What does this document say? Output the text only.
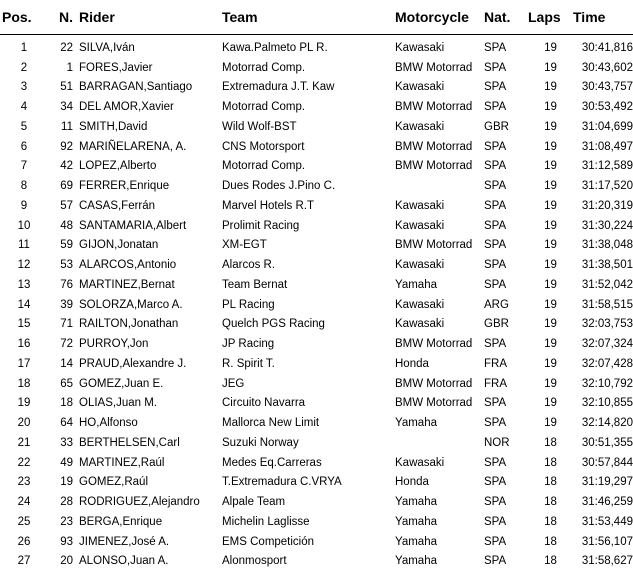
Pos.	N.	Rider	Team	Motorcycle	Nat.	Laps	Time
1	22	SILVA,Iván	Kawa.Palmeto PL R.	Kawasaki	SPA	19	30:41,816
2	1	FORES,Javier	Motorrad Comp.	BMW Motorrad	SPA	19	30:43,602
3	51	BARRAGAN,Santiago	Extremadura J.T. Kaw	Kawasaki	SPA	19	30:43,757
4	34	DEL AMOR,Xavier	Motorrad Comp.	BMW Motorrad	SPA	19	30:53,492
5	11	SMITH,David	Wild Wolf-BST	Kawasaki	GBR	19	31:04,699
6	92	MARIÑELARENA, A.	CNS Motorsport	BMW Motorrad	SPA	19	31:08,497
7	42	LOPEZ,Alberto	Motorrad Comp.	BMW Motorrad	SPA	19	31:12,589
8	69	FERRER,Enrique	Dues Rodes J.Pino C.		SPA	19	31:17,520
9	57	CASAS,Ferrán	Marvel Hotels R.T	Kawasaki	SPA	19	31:20,319
10	48	SANTAMARIA,Albert	Prolimit Racing	Kawasaki	SPA	19	31:30,224
11	59	GIJON,Jonatan	XM-EGT	BMW Motorrad	SPA	19	31:38,048
12	53	ALARCOS,Antonio	Alarcos R.	Kawasaki	SPA	19	31:38,501
13	76	MARTINEZ,Bernat	Team Bernat	Yamaha	SPA	19	31:52,042
14	39	SOLORZA,Marco A.	PL Racing	Kawasaki	ARG	19	31:58,515
15	71	RAILTON,Jonathan	Quelch PGS Racing	Kawasaki	GBR	19	32:03,753
16	72	PURROY,Jon	JP Racing	BMW Motorrad	SPA	19	32:07,324
17	14	PRAUD,Alexandre J.	R. Spirit T.	Honda	FRA	19	32:07,428
18	65	GOMEZ,Juan E.	JEG	BMW Motorrad	FRA	19	32:10,792
19	18	OLIAS,Juan M.	Circuito Navarra	BMW Motorrad	SPA	19	32:10,855
20	64	HO,Alfonso	Mallorca New Limit	Yamaha	SPA	19	32:14,820
21	33	BERTHELSEN,Carl	Suzuki Norway		NOR	18	30:51,355
22	49	MARTINEZ,Raúl	Medes Eq.Carreras	Kawasaki	SPA	18	30:57,844
23	19	GOMEZ,Raúl	T.Extremadura C.VRYA	Honda	SPA	18	31:19,297
24	28	RODRIGUEZ,Alejandro	Alpale Team	Yamaha	SPA	18	31:46,259
25	23	BERGA,Enrique	Michelin Laglisse	Yamaha	SPA	18	31:53,449
26	93	JIMENEZ,José A.	EMS Competición	Yamaha	SPA	18	31:56,107
27	20	ALONSO,Juan A.	Alonmosport	Yamaha	SPA	18	31:58,627
